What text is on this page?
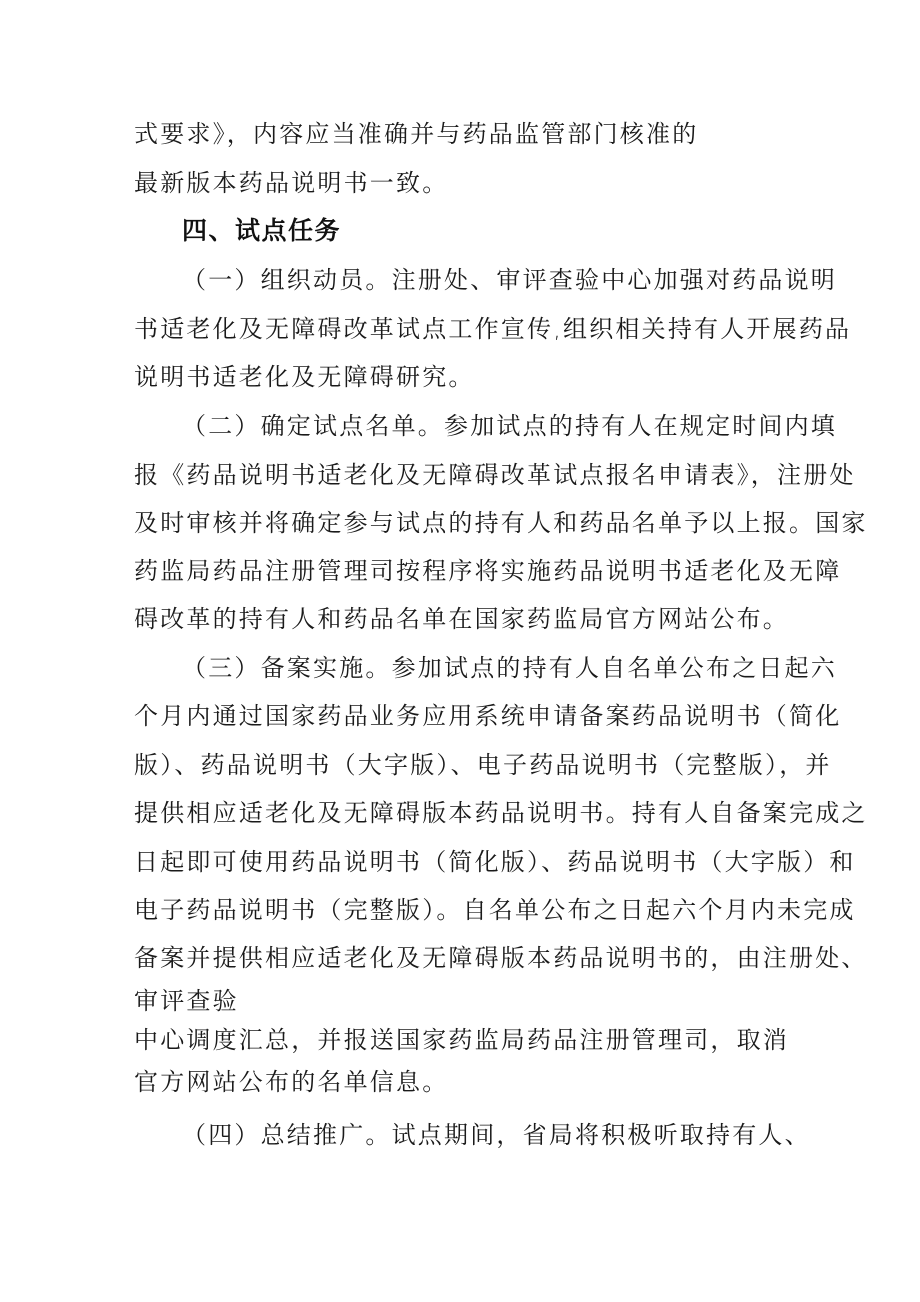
式要求》，内容应当准确并与药品监管部门核准的
最新版本药品说明书一致。
四、试点任务
（一）组织动员。注册处、审评查验中心加强对药品说明
书适老化及无障碍改革试点工作宣传,组织相关持有人开展药品
说明书适老化及无障碍研究。
（二）确定试点名单。参加试点的持有人在规定时间内填
报《药品说明书适老化及无障碍改革试点报名申请表》，注册处
及时审核并将确定参与试点的持有人和药品名单予以上报。国家
药监局药品注册管理司按程序将实施药品说明书适老化及无障
碍改革的持有人和药品名单在国家药监局官方网站公布。
（三）备案实施。参加试点的持有人自名单公布之日起六
个月内通过国家药品业务应用系统申请备案药品说明书（简化
版）、药品说明书（大字版）、电子药品说明书（完整版），并
提供相应适老化及无障碍版本药品说明书。持有人自备案完成之
日起即可使用药品说明书（简化版）、药品说明书（大字版）和
电子药品说明书（完整版）。自名单公布之日起六个月内未完成
备案并提供相应适老化及无障碍版本药品说明书的，由注册处、
审评查验
中心调度汇总，并报送国家药监局药品注册管理司，取消
官方网站公布的名单信息。
（四）总结推广。试点期间，省局将积极听取持有人、
